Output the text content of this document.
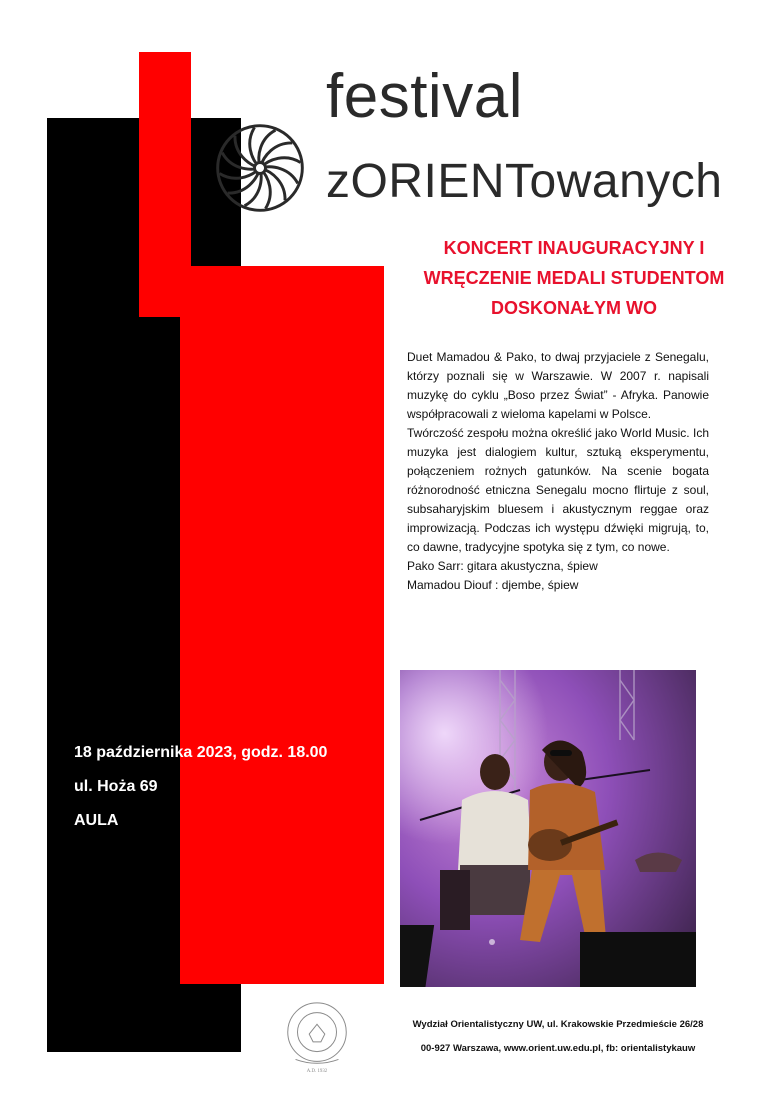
festival
zORIENTowanych
KONCERT INAUGURACYJNY I
WRĘCZENIE MEDALI STUDENTOM
DOSKONAŁYM WO

Duet Mamadou & Pako, to dwaj przyjaciele z Senegalu, którzy poznali się w Warszawie. W 2007 r. napisali muzykę do cyklu „Boso przez Świat” - Afryka. Panowie współpracowali z wieloma kapelami w Polsce.

Twórczość zespołu można określić jako World Music. Ich muzyka jest dialogiem kultur, sztuką eksperymentu, połączeniem rożnych gatunków. Na scenie bogata różnorodność etniczna Senegalu mocno flirtuje z soul, subsaharyjskim bluesem i akustycznym reggae oraz improwizacją. Podczas ich występu dźwięki migrują, to, co dawne, tradycyjne spotyka się z tym, co nowe.

Pako Sarr: gitara akustyczna, śpiew

Mamadou Diouf : djembe, śpiew

18 października 2023, godz. 18.00
ul. Hoża 69
AULA
A.D. 1932
Wydział Orientalistyczny UW, ul. Krakowskie Przedmieście 26/28
00-927 Warszawa, www.orient.uw.edu.pl, fb: orientalistykauw
